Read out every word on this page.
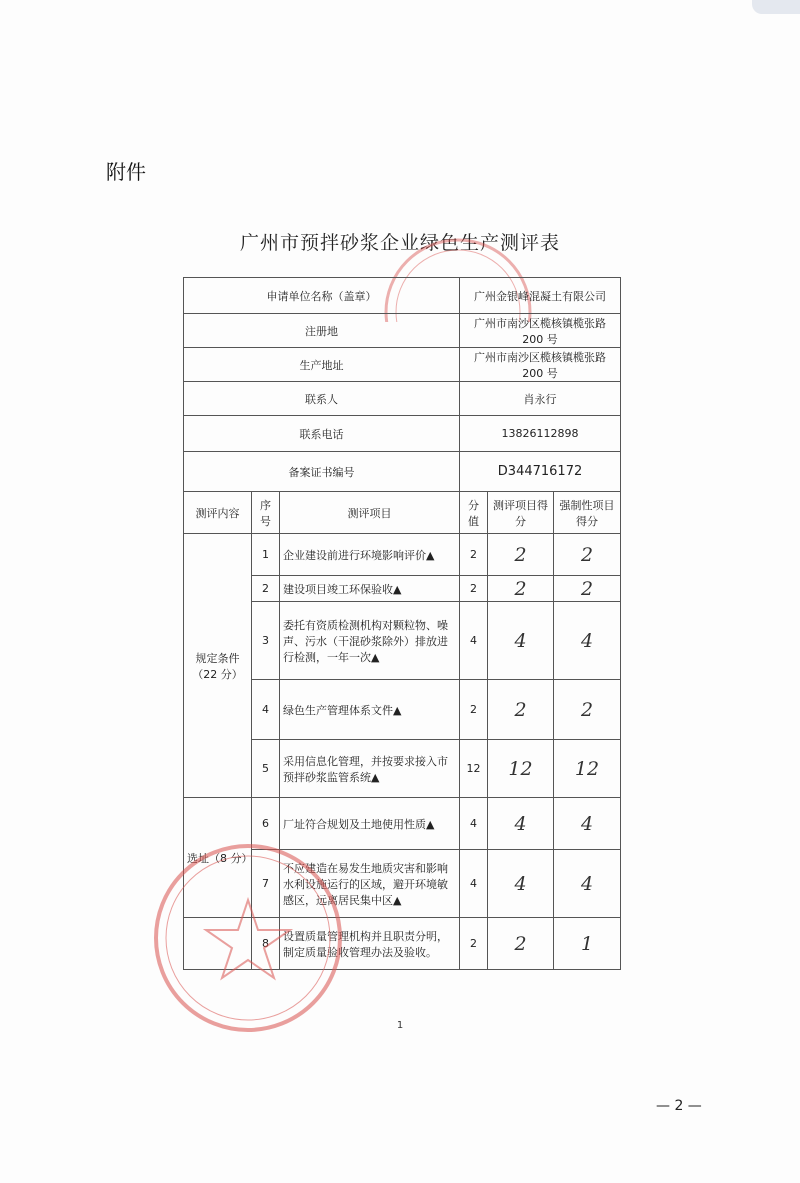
附件
广州市预拌砂浆企业绿色生产测评表
申请单位名称（盖章）			广州金银峰混凝土有限公司		
注册地			广州市南沙区榄核镇榄张路 200 号		
生产地址			广州市南沙区榄核镇榄张路 200 号		
联系人			肖永行		
联系电话			13826112898		
备案证书编号			D344716172		
测评内容	序号	测评项目	分值	测评项目得分	强制性项目得分
规定条件（22 分）	1	企业建设前进行环境影响评价▲	2	2	2
	2	建设项目竣工环保验收▲	2	2	2
	3	委托有资质检测机构对颗粒物、噪声、污水（干混砂浆除外）排放进行检测，一年一次▲	4	4	4
	4	绿色生产管理体系文件▲	2	2	2
	5	采用信息化管理，并按要求接入市预拌砂浆监管系统▲	12	12	12
选址（8 分）	6	厂址符合规划及土地使用性质▲	4	4	4
	7	不应建造在易发生地质灾害和影响水利设施运行的区域，避开环境敏感区，远离居民集中区▲	4	4	4
	8	设置质量管理机构并且职责分明，制定质量验收管理办法及验收。	2	2	1
1
— 2 —
